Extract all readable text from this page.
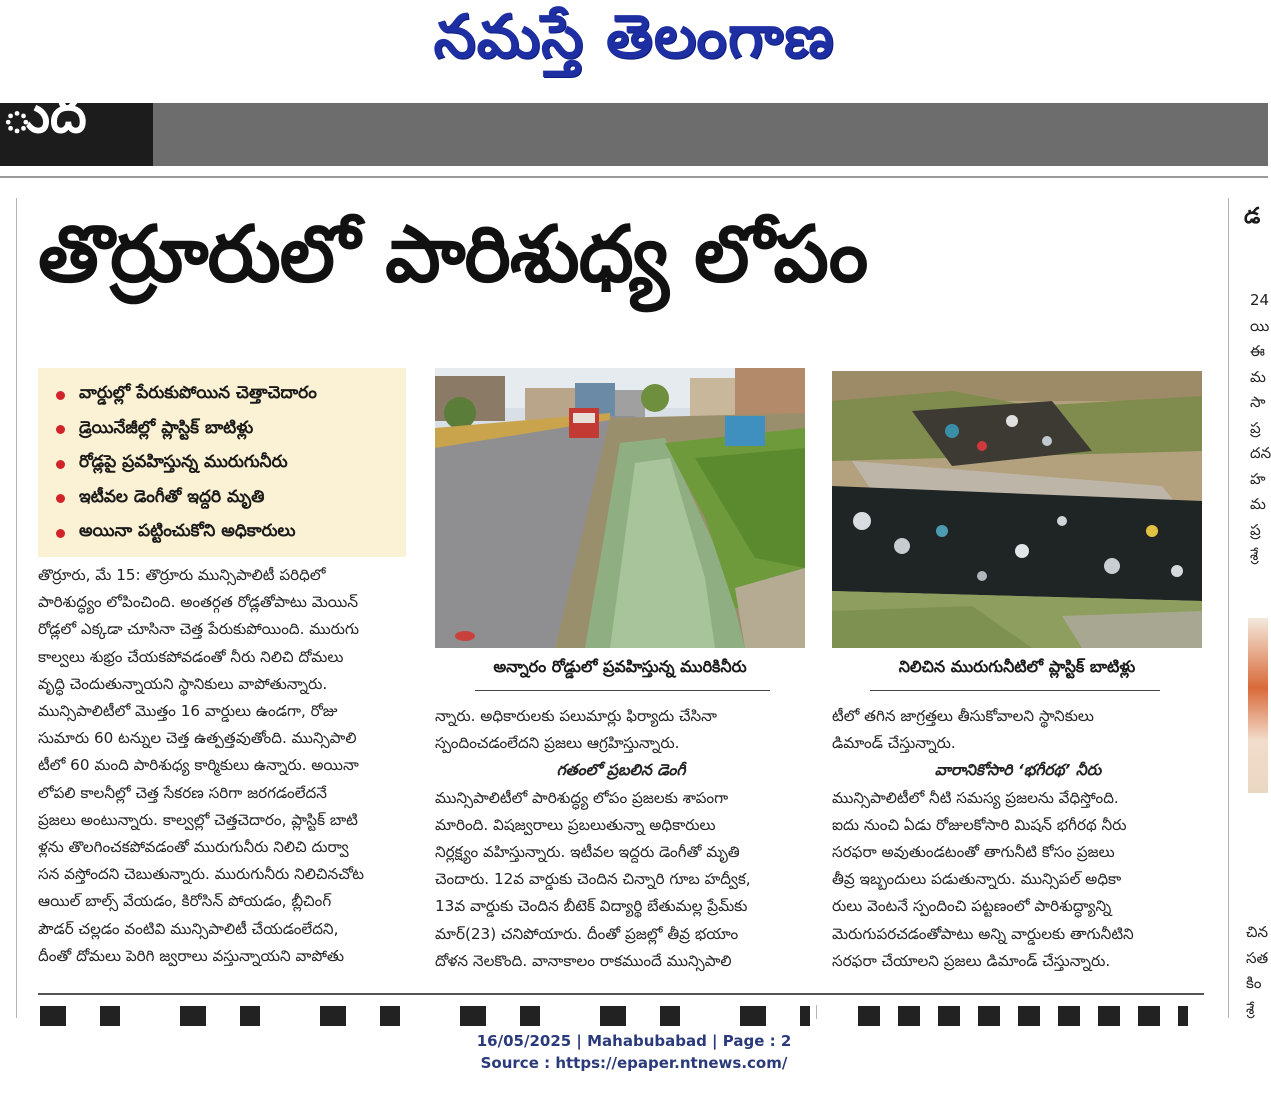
నమస్తే తెలంగాణ
ుద
తొర్రూరులో పారిశుధ్య లోపం
వార్డుల్లో పేరుకుపోయిన చెత్తాచెదారం
డ్రెయినేజీల్లో ప్లాస్టిక్ బాటిళ్లు
రోడ్లపై ప్రవహిస్తున్న మురుగునీరు
ఇటీవల డెంగీతో ఇద్దరి మృతి
అయినా పట్టించుకోని అధికారులు

తొర్రూరు, మే 15: తొర్రూరు మున్సిపాలిటీ పరిధిలో

పారిశుద్ధ్యం లోపించింది. అంతర్గత రోడ్లతోపాటు మెయిన్

రోడ్లలో ఎక్కడా చూసినా చెత్త పేరుకుపోయింది. మురుగు

కాల్వలు శుభ్రం చేయకపోవడంతో నీరు నిలిచి దోమలు

వృద్ధి చెందుతున్నాయని స్థానికులు వాపోతున్నారు.

మున్సిపాలిటీలో మొత్తం 16 వార్డులు ఉండగా, రోజు

సుమారు 60 టన్నుల చెత్త ఉత్పత్తవుతోంది. మున్సిపాలి

టీలో 60 మంది పారిశుధ్య కార్మికులు ఉన్నారు. అయినా

లోపలి కాలనీల్లో చెత్త సేకరణ సరిగా జరగడంలేదనే

ప్రజలు అంటున్నారు. కాల్వల్లో చెత్తచెదారం, ప్లాస్టిక్ బాటి

ళ్లను తొలగించకపోవడంతో మురుగునీరు నిలిచి దుర్వా

సన వస్తోందని చెబుతున్నారు. మురుగునీరు నిలిచినచోట

ఆయిల్ బాల్స్ వేయడం, కిరోసిన్ పోయడం, బ్లీచింగ్

పౌడర్ చల్లడం వంటివి మున్సిపాలిటీ చేయడంలేదని,

దీంతో దోమలు పెరిగి జ్వరాలు వస్తున్నాయని వాపోతు

అన్నారం రోడ్డులో ప్రవహిస్తున్న మురికినీరు	నిలిచిన మురుగునీటిలో ప్లాస్టిక్ బాటిళ్లు

న్నారు. అధికారులకు పలుమార్లు ఫిర్యాదు చేసినా

స్పందించడంలేదని ప్రజలు ఆగ్రహిస్తున్నారు.

గతంలో ప్రబలిన డెంగీ

మున్సిపాలిటీలో పారిశుద్ధ్య లోపం ప్రజలకు శాపంగా

మారింది. విషజ్వరాలు ప్రబలుతున్నా అధికారులు

నిర్లక్ష్యం వహిస్తున్నారు. ఇటీవల ఇద్దరు డెంగీతో మృతి

చెందారు. 12వ వార్డుకు చెందిన చిన్నారి గూబ హద్వీక,

13వ వార్డుకు చెందిన బీటెక్ విద్యార్థి బేతుమల్ల ప్రేమ్‌కు

మార్(23) చనిపోయారు. దీంతో ప్రజల్లో తీవ్ర భయాం

దోళన నెలకొంది. వానాకాలం రాకముందే మున్సిపాలి

టీలో తగిన జాగ్రత్తలు తీసుకోవాలని స్థానికులు

డిమాండ్ చేస్తున్నారు.

వారానికోసారి ‘భగీరథ’ నీరు

మున్సిపాలిటీలో నీటి సమస్య ప్రజలను వేధిస్తోంది.

ఐదు నుంచి ఏడు రోజులకోసారి మిషన్ భగీరథ నీరు

సరఫరా అవుతుండటంతో తాగునీటి కోసం ప్రజలు

తీవ్ర ఇబ్బందులు పడుతున్నారు. మున్సిపల్ అధికా

రులు వెంటనే స్పందించి పట్టణంలో పారిశుద్ధ్యాన్ని

మెరుగుపరచడంతోపాటు అన్ని వార్డులకు తాగునీటిని

సరఫరా చేయాలని ప్రజలు డిమాండ్ చేస్తున్నారు.

డ
24
యి
ఈ
మ
సా
ప్ర
దన
హ
మ
ప్ర
శ్రే
చిన
సత
కిం
శ్రే
16/05/2025 | Mahabubabad | Page : 2
Source : https://epaper.ntnews.com/
